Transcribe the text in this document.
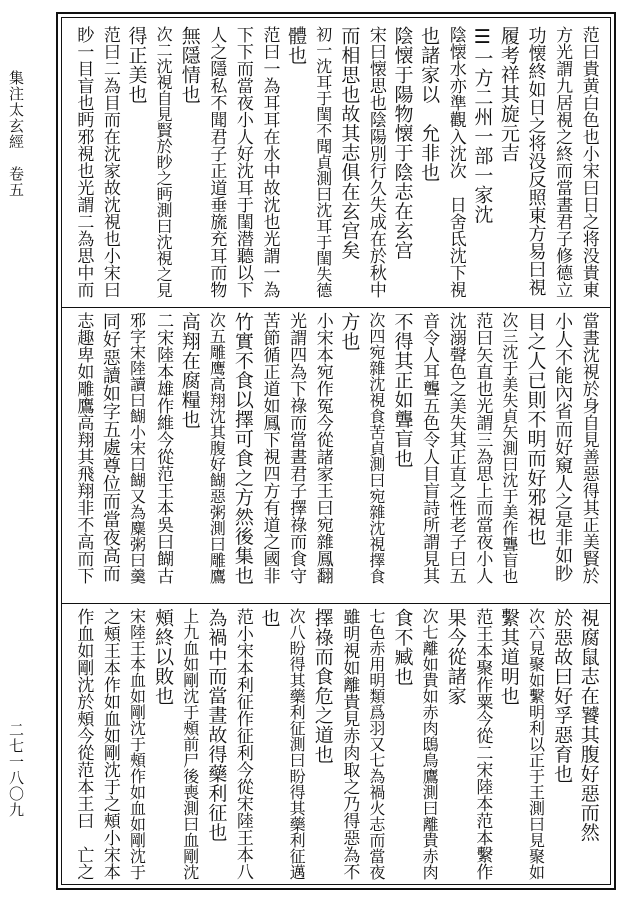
集注太玄經　卷五
二七一八〇九
范曰貴黄白色也小宋曰日之将没貴東
方光謂九居視之終而當晝君子修德立
功懐終如日之将没反照東方易曰視
履考祥其旋元吉
☰一方二州一部一家沈
陰懐水亦準觀入沈次　日舍氐沈下視
也諸家以　允非也
陰懐于陽物懐于陰志在玄宫
宋曰懐思也陰陽別行久失成在於秋中
而相思也故其志俱在玄宫矣
初一沈耳于閨不聞貞測曰沈耳于閨失德
體也
范曰一為耳耳在水中故沈也光謂一為
下下而當夜小人好沈耳于閨潜聽以下
人之隱私不聞君子正道垂旒充耳而物
無隱情也
次二沈視自見賢於眇之眄測曰沈視之見
得正美也
范曰二為目而在沈家故沈視也小宋曰
眇一目盲也眄邪視也光謂二為思中而
當晝沈視於身自見善惡得其正美賢於
小人不能內省而好窺人之是非如眇
目之人已則不明而好邪視也
次三沈于美失貞矢測曰沈于美作聾盲也
范曰矢直也光謂三為思上而當夜小人
沈溺聲色之美失其正直之性老子曰五
音令人耳聾五色令人目盲詩所謂見其
不得其正如聾盲也
次四宛雜沈視食苦貞測曰宛雜沈視擇食
方也
小宋本宛作冤今從諸家王曰宛雜鳳翻
光謂四為下祿而當晝君子擇祿而食守
苦節循正道如鳳下視四方有道之國非
竹實不食以擇可食之方然後集也
次五雕鹰高翔沈其腹好餬惡粥測曰雕鷹
高翔在腐糧也
二宋陸本雄作維今從范王本吳曰餬古
邪字宋陸讀曰餬小宋曰餬又為麋粥曰羹
同好惡讀如字五處尊位而當夜高而
志趣卑如雕鷹高翔其飛翔非不高而下
視腐鼠志在饕其腹好惡而然
於惡故曰好孚惡育也
次六見聚如繫明利以正于王測曰見聚如
繫其道明也
范王本聚作粟今從二宋陸本范本繫作
果今從諸家
次七離如貴如赤肉鴟鳥鷹測曰離貴赤肉
食不臧也
七色赤用明類爲羽又七為禍火志而當夜
雖明視如離貴見赤肉取之乃得惡為不
擇祿而食危之道也
次八盼得其藥利征測曰盼得其藥利征邁
也
范小宋本利征作征利今從宋陸王本八
為禍中而當晝故得藥利征也
上九血如剛沈于頰前尸後喪測曰血剛沈
頰終以敗也
宋陸王本血如剛沈于頰作如血如剛沈于
之頰王本作如血如剛沈于之頰小宋本
作血如剛沈於頰今從范本王曰　亡之
